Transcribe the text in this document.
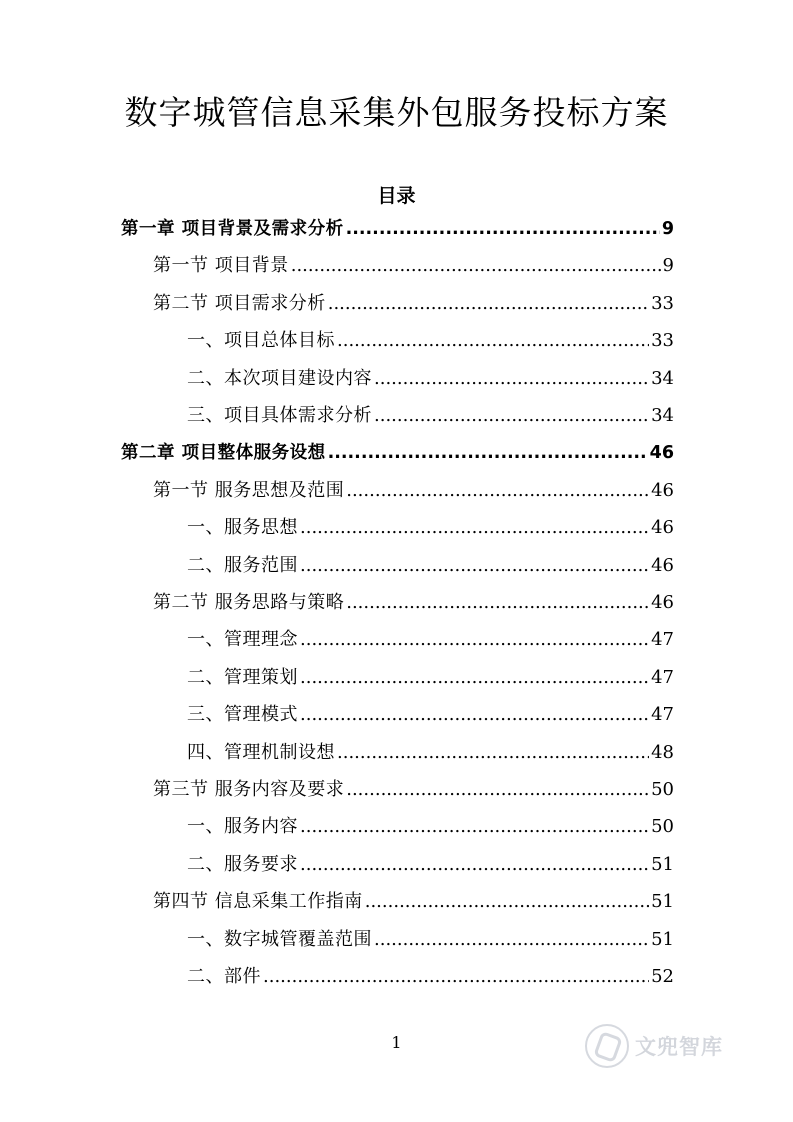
数字城管信息采集外包服务投标方案
目录
第一章 项目背景及需求分析 .....	9
第一节 项目背景 .....	9
第二节 项目需求分析 .....	33
一、项目总体目标 .....	33
二、本次项目建设内容 .....	34
三、项目具体需求分析 .....	34
第二章 项目整体服务设想 .....	46
第一节 服务思想及范围 .....	46
一、服务思想 .....	46
二、服务范围 .....	46
第二节 服务思路与策略 .....	46
一、管理理念 .....	47
二、管理策划 .....	47
三、管理模式 .....	47
四、管理机制设想 .....	48
第三节 服务内容及要求 .....	50
一、服务内容 .....	50
二、服务要求 .....	51
第四节 信息采集工作指南 .....	51
一、数字城管覆盖范围 .....	51
二、部件 .....	52
1	文兜智库
